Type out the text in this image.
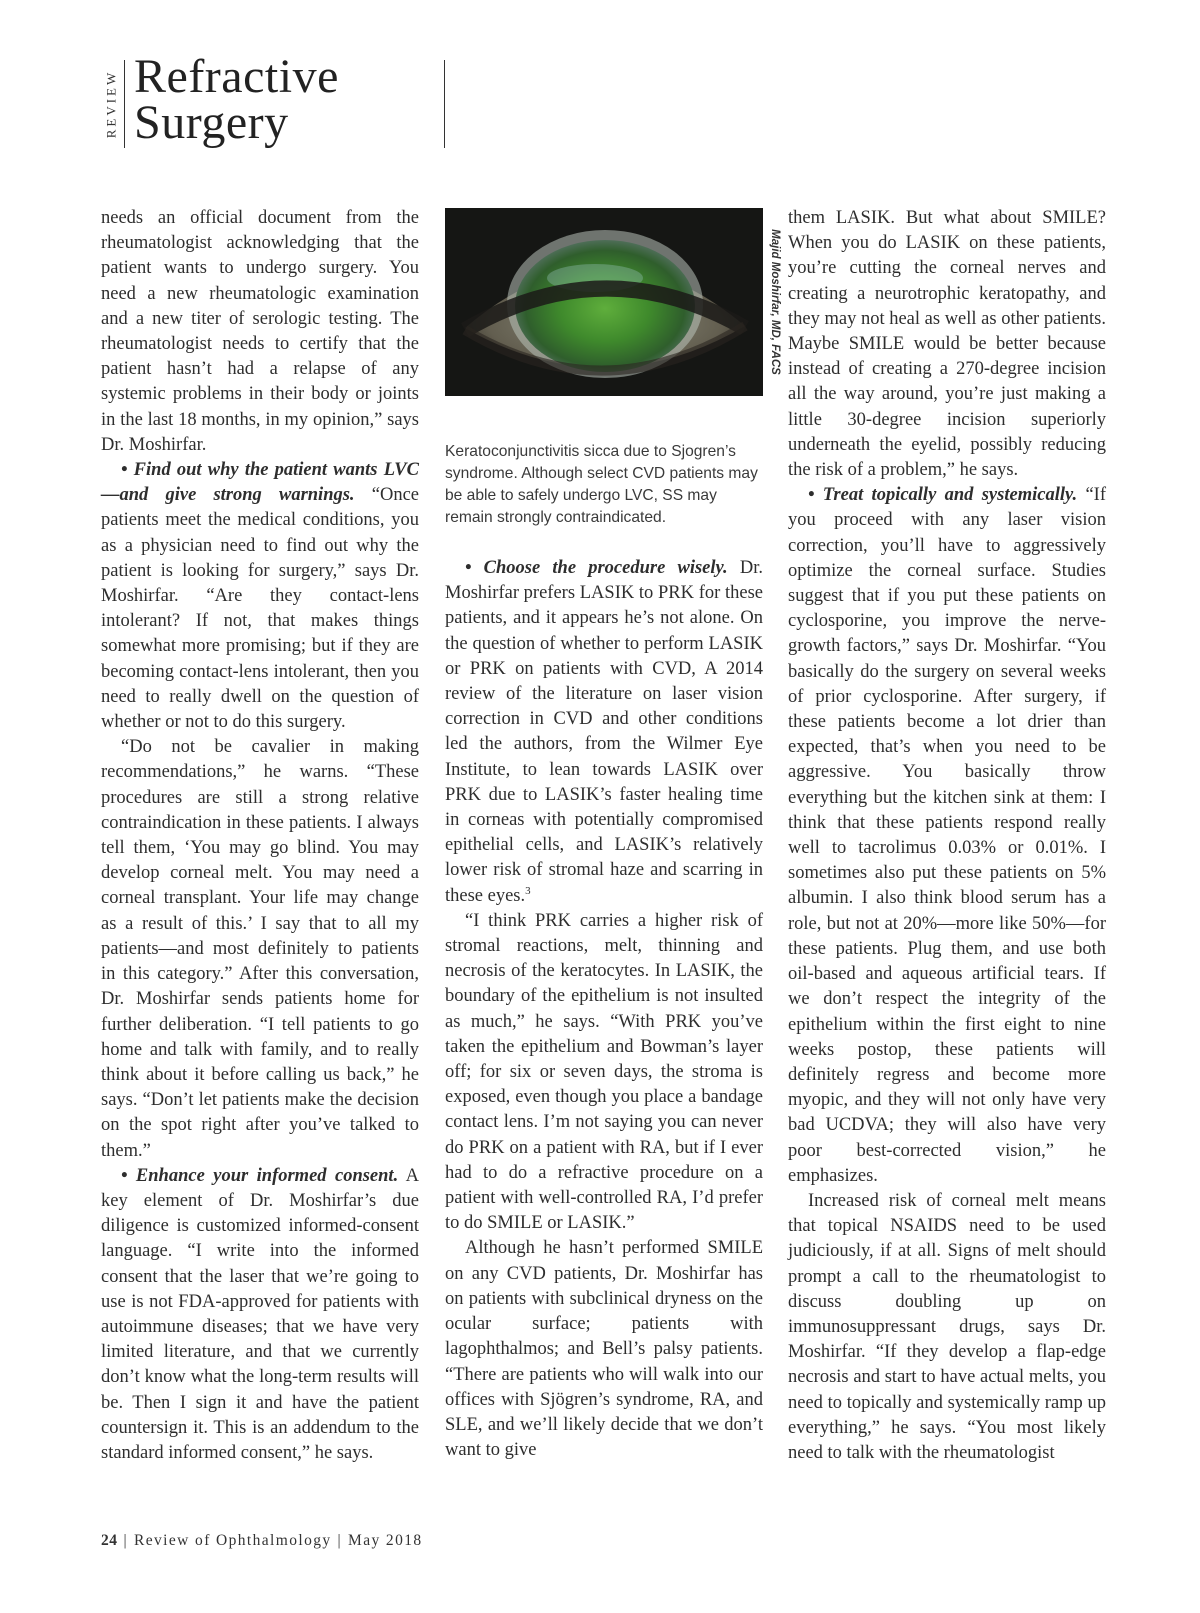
REVIEW Refractive
Surgery

needs an official document from the rheumatologist acknowledging that the patient wants to undergo surgery. You need a new rheumatologic examination and a new titer of serologic testing. The rheumatologist needs to certify that the patient hasn’t had a relapse of any systemic problems in their body or joints in the last 18 months, in my opinion,” says Dr. Moshirfar.

• Find out why the patient wants LVC—and give strong warnings. “Once patients meet the medical conditions, you as a physician need to find out why the patient is looking for surgery,” says Dr. Moshirfar. “Are they contact-lens intolerant? If not, that makes things somewhat more promising; but if they are becoming contact-lens intolerant, then you need to really dwell on the question of whether or not to do this surgery.

“Do not be cavalier in making recommendations,” he warns. “These procedures are still a strong relative contraindication in these patients. I always tell them, ‘You may go blind. You may develop corneal melt. You may need a corneal transplant. Your life may change as a result of this.’ I say that to all my patients—and most definitely to patients in this category.” After this conversation, Dr. Moshirfar sends patients home for further deliberation. “I tell patients to go home and talk with family, and to really think about it before calling us back,” he says. “Don’t let patients make the decision on the spot right after you’ve talked to them.”

• Enhance your informed consent. A key element of Dr. Moshirfar’s due diligence is customized informed-consent language. “I write into the informed consent that the laser that we’re going to use is not FDA-approved for patients with autoimmune diseases; that we have very limited literature, and that we currently don’t know what the long-term results will be. Then I sign it and have the patient countersign it. This is an addendum to the standard informed consent,” he says.

Majid Moshirfar, MD, FACS
Keratoconjunctivitis sicca due to Sjogren’s syndrome. Although select CVD patients may be able to safely undergo LVC, SS may remain strongly contraindicated.

• Choose the procedure wisely. Dr. Moshirfar prefers LASIK to PRK for these patients, and it appears he’s not alone. On the question of whether to perform LASIK or PRK on patients with CVD, A 2014 review of the literature on laser vision correction in CVD and other conditions led the authors, from the Wilmer Eye Institute, to lean towards LASIK over PRK due to LASIK’s faster healing time in corneas with potentially compromised epithelial cells, and LASIK’s relatively lower risk of stromal haze and scarring in these eyes.$^3$

“I think PRK carries a higher risk of stromal reactions, melt, thinning and necrosis of the keratocytes. In LASIK, the boundary of the epithelium is not insulted as much,” he says. “With PRK you’ve taken the epithelium and Bowman’s layer off; for six or seven days, the stroma is exposed, even though you place a bandage contact lens. I’m not saying you can never do PRK on a patient with RA, but if I ever had to do a refractive procedure on a patient with well-controlled RA, I’d prefer to do SMILE or LASIK.”

Although he hasn’t performed SMILE on any CVD patients, Dr. Moshirfar has on patients with subclinical dryness on the ocular surface; patients with lagophthalmos; and Bell’s palsy patients. “There are patients who will walk into our offices with Sjögren’s syndrome, RA, and SLE, and we’ll likely decide that we don’t want to give

them LASIK. But what about SMILE? When you do LASIK on these patients, you’re cutting the corneal nerves and creating a neurotrophic keratopathy, and they may not heal as well as other patients. Maybe SMILE would be better because instead of creating a 270-degree incision all the way around, you’re just making a little 30-degree incision superiorly underneath the eyelid, possibly reducing the risk of a problem,” he says.

• Treat topically and systemically. “If you proceed with any laser vision correction, you’ll have to aggressively optimize the corneal surface. Studies suggest that if you put these patients on cyclosporine, you improve the nerve-growth factors,” says Dr. Moshirfar. “You basically do the surgery on several weeks of prior cyclosporine. After surgery, if these patients become a lot drier than expected, that’s when you need to be aggressive. You basically throw everything but the kitchen sink at them: I think that these patients respond really well to tacrolimus 0.03% or 0.01%. I sometimes also put these patients on 5% albumin. I also think blood serum has a role, but not at 20%—more like 50%—for these patients. Plug them, and use both oil-based and aqueous artificial tears. If we don’t respect the integrity of the epithelium within the first eight to nine weeks postop, these patients will definitely regress and become more myopic, and they will not only have very bad UCDVA; they will also have very poor best-corrected vision,” he emphasizes.

Increased risk of corneal melt means that topical NSAIDS need to be used judiciously, if at all. Signs of melt should prompt a call to the rheumatologist to discuss doubling up on immunosuppressant drugs, says Dr. Moshirfar. “If they develop a flap-edge necrosis and start to have actual melts, you need to topically and systemically ramp up everything,” he says. “You most likely need to talk with the rheumatologist

24 | Review of Ophthalmology | May 2018
